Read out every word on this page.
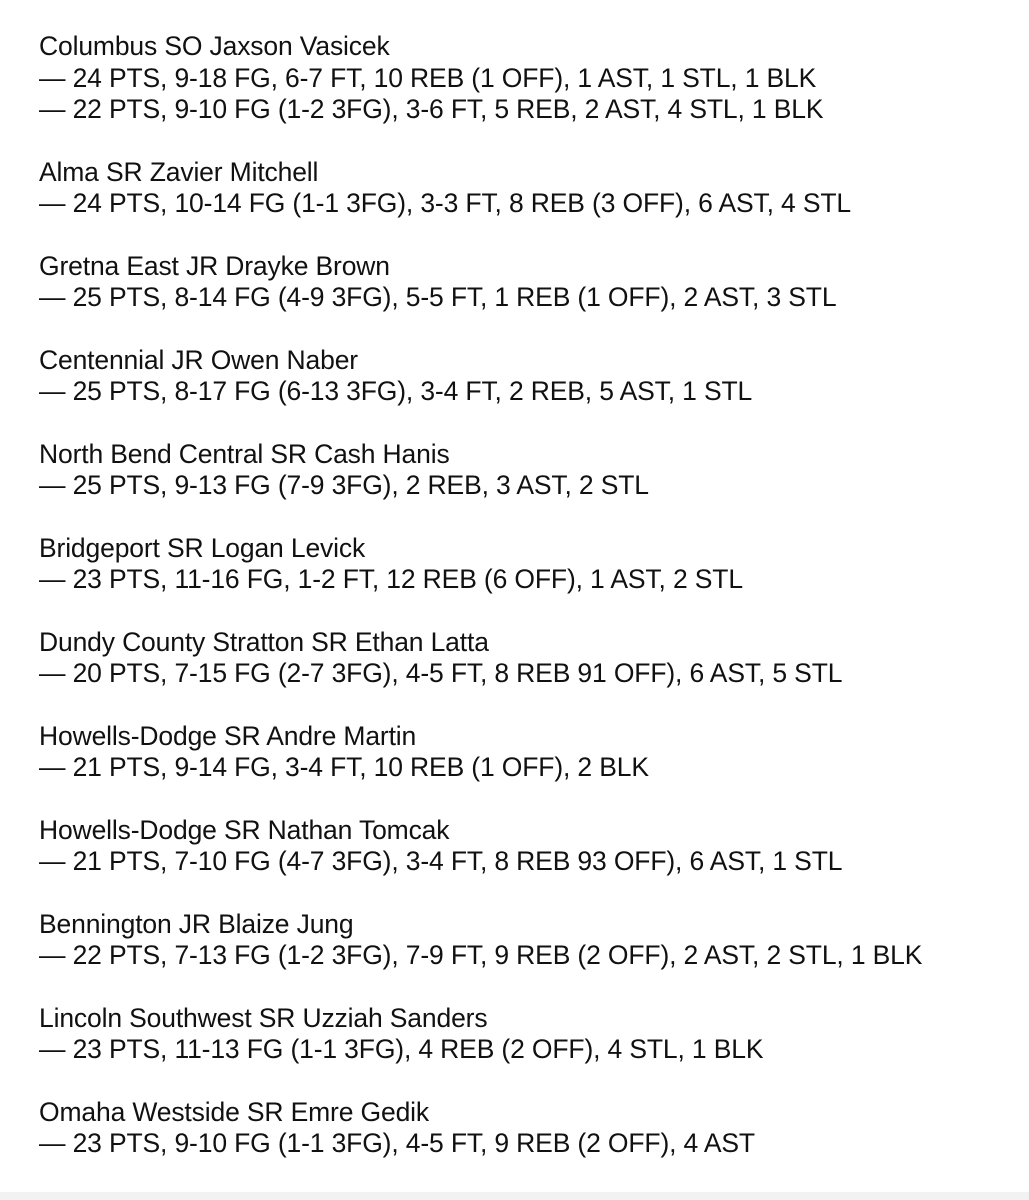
Columbus SO Jaxson Vasicek
— 24 PTS, 9-18 FG, 6-7 FT, 10 REB (1 OFF), 1 AST, 1 STL, 1 BLK
— 22 PTS, 9-10 FG (1-2 3FG), 3-6 FT, 5 REB, 2 AST, 4 STL, 1 BLK
Alma SR Zavier Mitchell
— 24 PTS, 10-14 FG (1-1 3FG), 3-3 FT, 8 REB (3 OFF), 6 AST, 4 STL
Gretna East JR Drayke Brown
— 25 PTS, 8-14 FG (4-9 3FG), 5-5 FT, 1 REB (1 OFF), 2 AST, 3 STL
Centennial JR Owen Naber
— 25 PTS, 8-17 FG (6-13 3FG), 3-4 FT, 2 REB, 5 AST, 1 STL
North Bend Central SR Cash Hanis
— 25 PTS, 9-13 FG (7-9 3FG), 2 REB, 3 AST, 2 STL
Bridgeport SR Logan Levick
— 23 PTS, 11-16 FG, 1-2 FT, 12 REB (6 OFF), 1 AST, 2 STL
Dundy County Stratton SR Ethan Latta
— 20 PTS, 7-15 FG (2-7 3FG), 4-5 FT, 8 REB 91 OFF), 6 AST, 5 STL
Howells-Dodge SR Andre Martin
— 21 PTS, 9-14 FG, 3-4 FT, 10 REB (1 OFF), 2 BLK
Howells-Dodge SR Nathan Tomcak
— 21 PTS, 7-10 FG (4-7 3FG), 3-4 FT, 8 REB 93 OFF), 6 AST, 1 STL
Bennington JR Blaize Jung
— 22 PTS, 7-13 FG (1-2 3FG), 7-9 FT, 9 REB (2 OFF), 2 AST, 2 STL, 1 BLK
Lincoln Southwest SR Uzziah Sanders
— 23 PTS, 11-13 FG (1-1 3FG), 4 REB (2 OFF), 4 STL, 1 BLK
Omaha Westside SR Emre Gedik
— 23 PTS, 9-10 FG (1-1 3FG), 4-5 FT, 9 REB (2 OFF), 4 AST
